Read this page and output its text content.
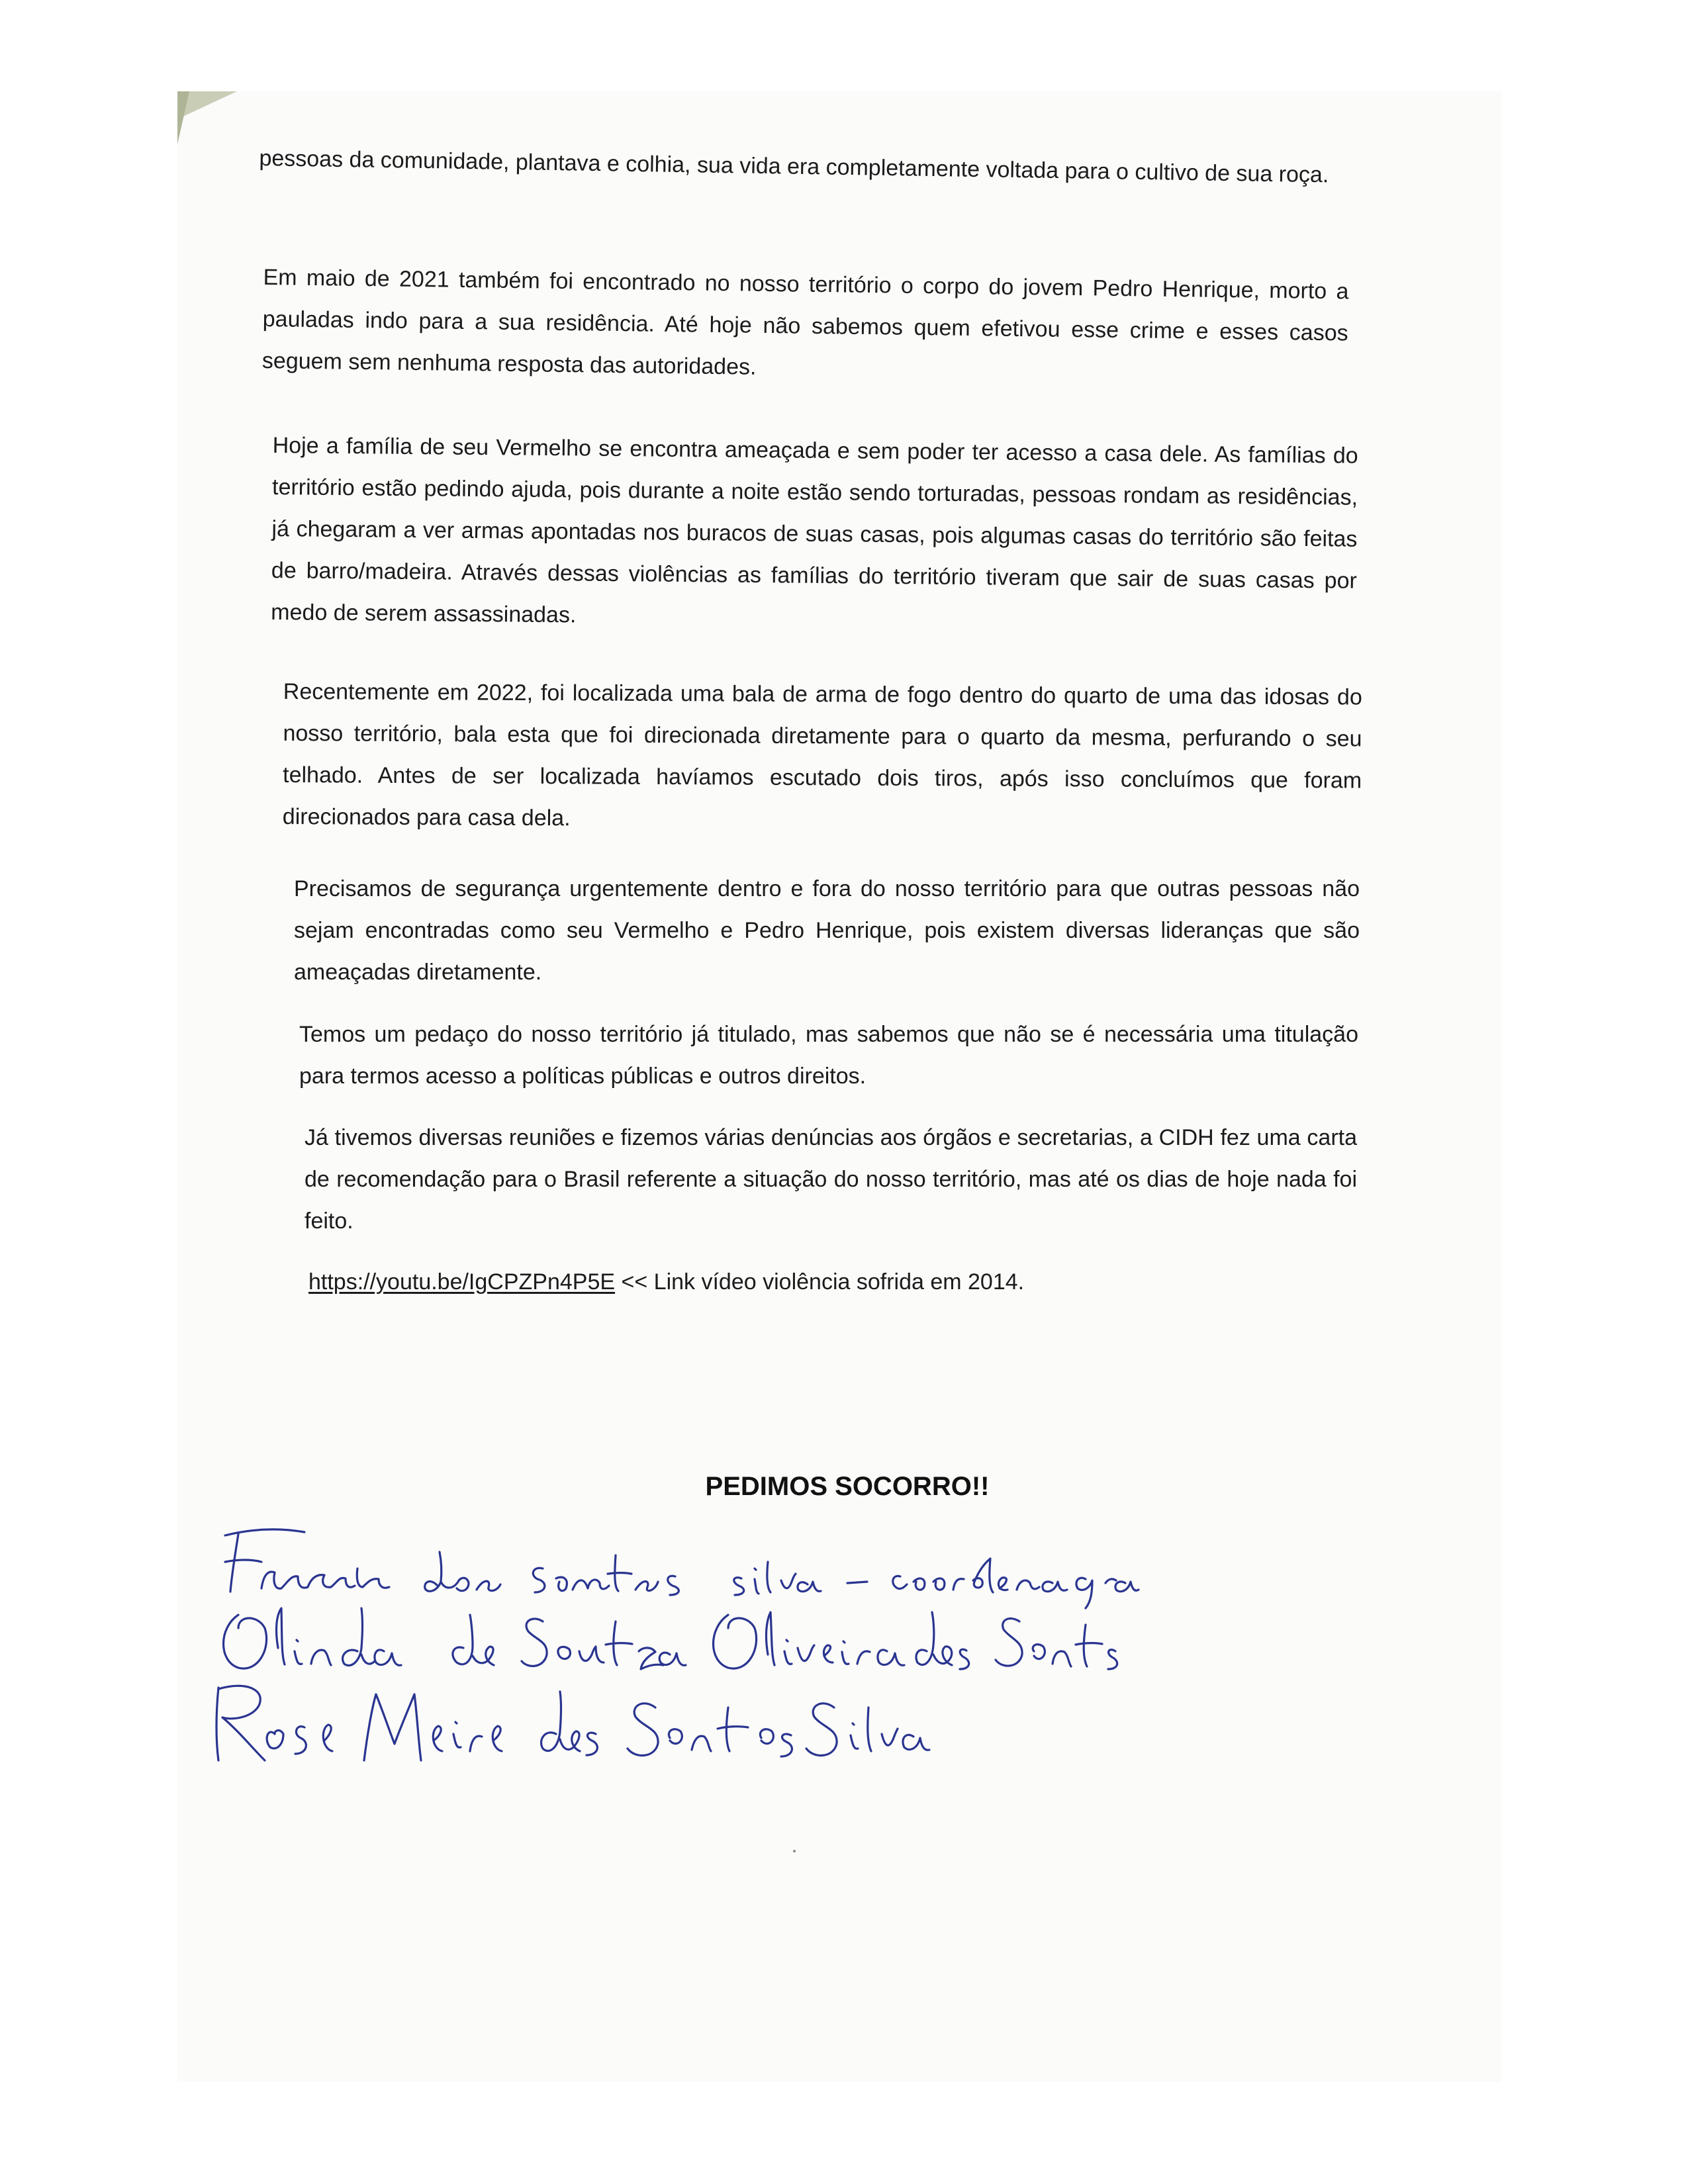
pessoas da comunidade, plantava e colhia, sua vida era completamente voltada para o cultivo de sua roça.

Em maio de 2021 também foi encontrado no nosso território o corpo do jovem Pedro Henrique, morto a pauladas indo para a sua residência. Até hoje não sabemos quem efetivou esse crime e esses casos seguem sem nenhuma resposta das autoridades.

Hoje a família de seu Vermelho se encontra ameaçada e sem poder ter acesso a casa dele. As famílias do território estão pedindo ajuda, pois durante a noite estão sendo torturadas, pessoas rondam as residências, já chegaram a ver armas apontadas nos buracos de suas casas, pois algumas casas do território são feitas de barro/madeira. Através dessas violências as famílias do território tiveram que sair de suas casas por medo de serem assassinadas.

Recentemente em 2022, foi localizada uma bala de arma de fogo dentro do quarto de uma das idosas do nosso território, bala esta que foi direcionada diretamente para o quarto da mesma, perfurando o seu telhado. Antes de ser localizada havíamos escutado dois tiros, após isso concluímos que foram direcionados para casa dela.

Precisamos de segurança urgentemente dentro e fora do nosso território para que outras pessoas não sejam encontradas como seu Vermelho e Pedro Henrique, pois existem diversas lideranças que são ameaçadas diretamente.

Temos um pedaço do nosso território já titulado, mas sabemos que não se é necessária uma titulação para termos acesso a políticas públicas e outros direitos.

Já tivemos diversas reuniões e fizemos várias denúncias aos órgãos e secretarias, a CIDH fez uma carta de recomendação para o Brasil referente a situação do nosso território, mas até os dias de hoje nada foi feito.

https://youtu.be/IgCPZPn4P5E << Link vídeo violência sofrida em 2014.

PEDIMOS SOCORRO!!
